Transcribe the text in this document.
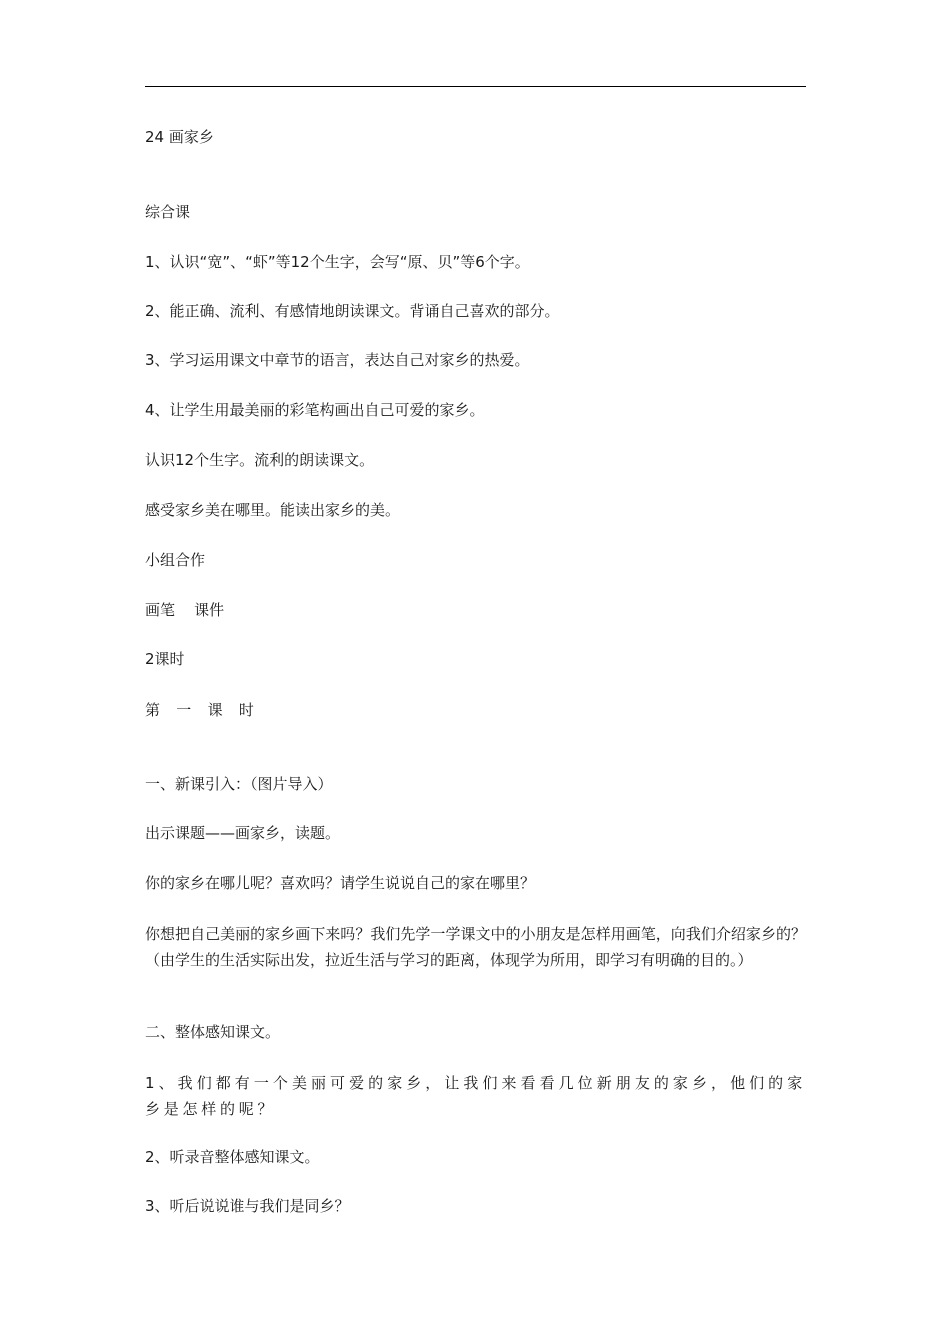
24 画家乡
综合课
1、认识“宽”、“虾”等12个生字，会写“原、贝”等6个字。
2、能正确、流利、有感情地朗读课文。背诵自己喜欢的部分。
3、学习运用课文中章节的语言，表达自己对家乡的热爱。
4、让学生用最美丽的彩笔构画出自己可爱的家乡。
认识12个生字。流利的朗读课文。
感受家乡美在哪里。能读出家乡的美。
小组合作
画笔    课件
2课时
第  一  课  时
一、新课引入：（图片导入）
出示课题——画家乡，读题。
你的家乡在哪儿呢？喜欢吗？请学生说说自己的家在哪里？
你想把自己美丽的家乡画下来吗？我们先学一学课文中的小朋友是怎样用画笔，向我们介绍家乡的？（由学生的生活实际出发，拉近生活与学习的距离，体现学为所用，即学习有明确的目的。）
二、整体感知课文。
1、我们都有一个美丽可爱的家乡，让我们来看看几位新朋友的家乡，他们的家乡是怎样的呢？
2、听录音整体感知课文。
3、听后说说谁与我们是同乡？
